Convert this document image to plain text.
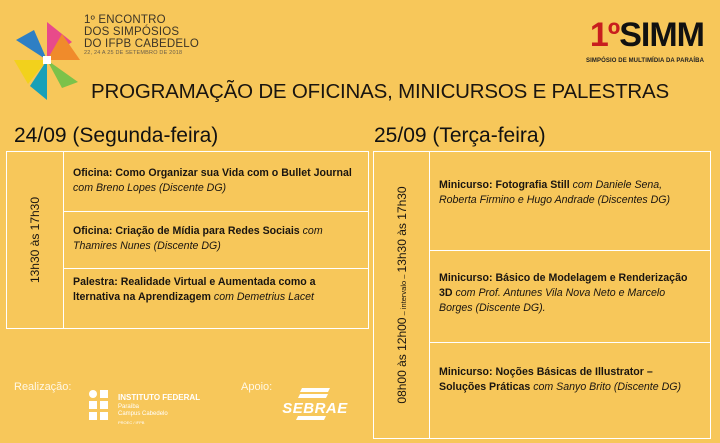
1º ENCONTRO
DOS SIMPÓSIOS
DO IFPB CABEDELO
22, 24 A 25 DE SETEMBRO DE 2018	1ºSIMM
SIMPÓSIO DE MULTIMÍDIA DA PARAÍBA
PROGRAMAÇÃO DE OFICINAS, MINICURSOS E PALESTRAS
24/09 (Segunda-feira)	25/09 (Terça-feira)
13h30 às 17h30
Oficina: Como Organizar sua Vida com o Bullet Journal com Breno Lopes (Discente DG)
Oficina: Criação de Mídia para Redes Sociais com Thamires Nunes (Discente DG)
Palestra: Realidade Virtual e Aumentada como a lternativa na Aprendizagem com Demetrius Lacet
08h00 às 12h00 – intervalo – 13h30 às 17h30
Minicurso: Fotografia Still com Daniele Sena, Roberta Firmino e Hugo Andrade (Discentes DG)
Minicurso: Básico de Modelagem e Renderização 3D com Prof. Antunes Vila Nova Neto e Marcelo Borges (Discente DG).
Minicurso: Noções Básicas de Illustrator – Soluções Práticas com Sanyo Brito (Discente DG)
Realização:
INSTITUTO FEDERAL
Paraíba
Campus Cabedelo
PROEC / IFPB
Apoio:
SEBRAE
